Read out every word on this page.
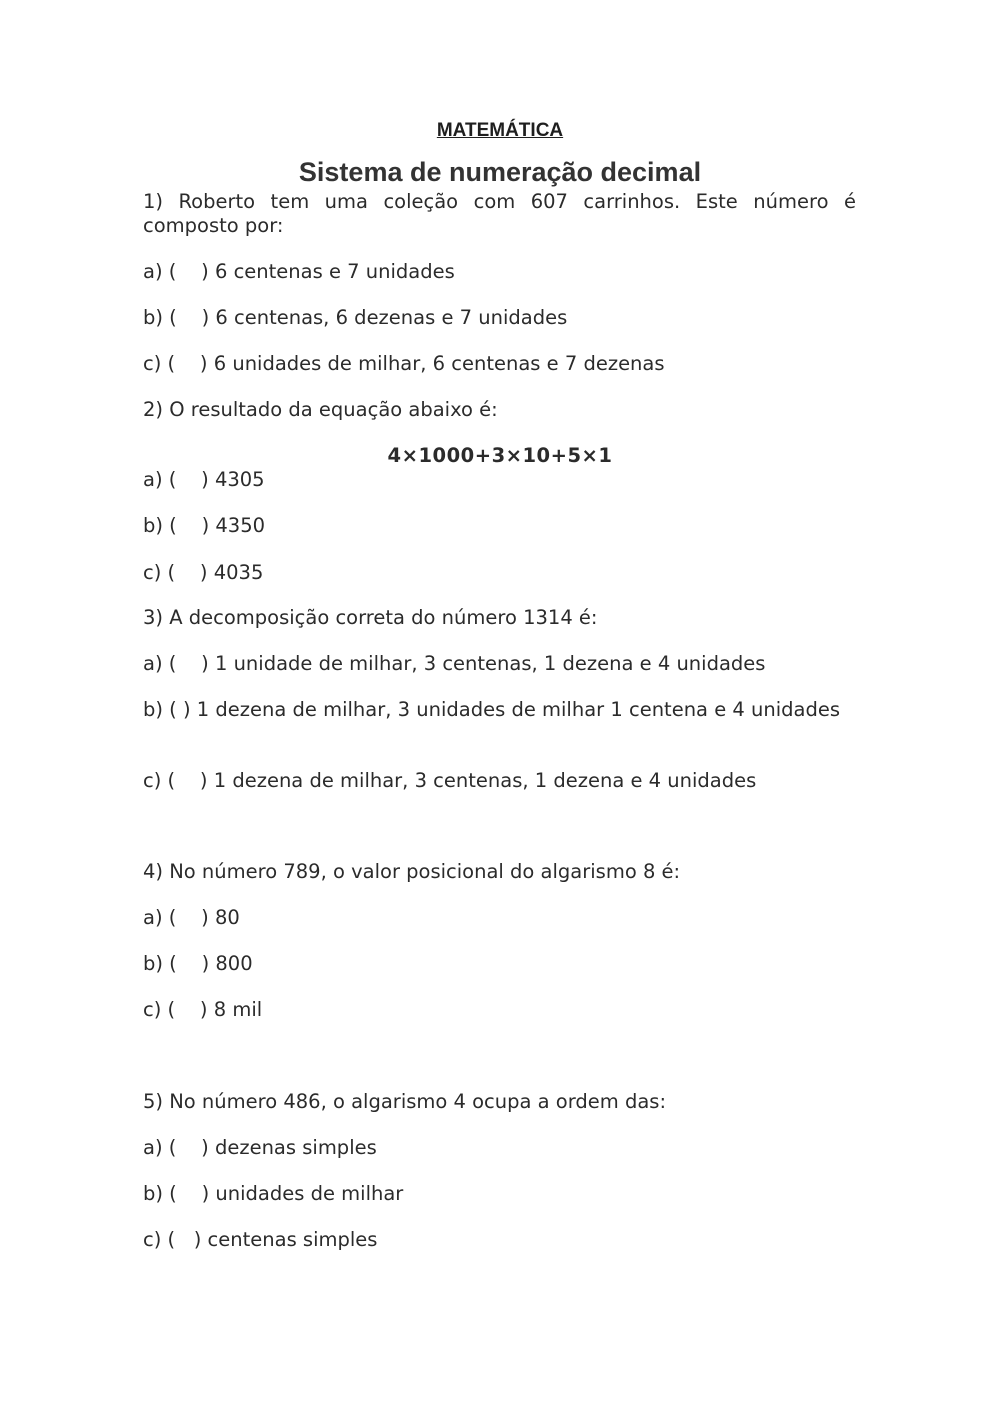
MATEMÁTICA
Sistema de numeração decimal
1) Roberto tem uma coleção com 607 carrinhos. Este número é composto por:
a) (    ) 6 centenas e 7 unidades
b) (    ) 6 centenas, 6 dezenas e 7 unidades
c) (    ) 6 unidades de milhar, 6 centenas e 7 dezenas
2) O resultado da equação abaixo é:
4×1000+3×10+5×1
a) (    ) 4305
b) (    ) 4350
c) (    ) 4035
3) A decomposição correta do número 1314 é:
a) (    ) 1 unidade de milhar, 3 centenas, 1 dezena e 4 unidades
b) ( ) 1 dezena de milhar, 3 unidades de milhar 1 centena e 4 unidades
c) (    ) 1 dezena de milhar, 3 centenas, 1 dezena e 4 unidades
4) No número 789, o valor posicional do algarismo 8 é:
a) (    ) 80
b) (    ) 800
c) (    ) 8 mil
5) No número 486, o algarismo 4 ocupa a ordem das:
a) (    ) dezenas simples
b) (    ) unidades de milhar
c) (   ) centenas simples
